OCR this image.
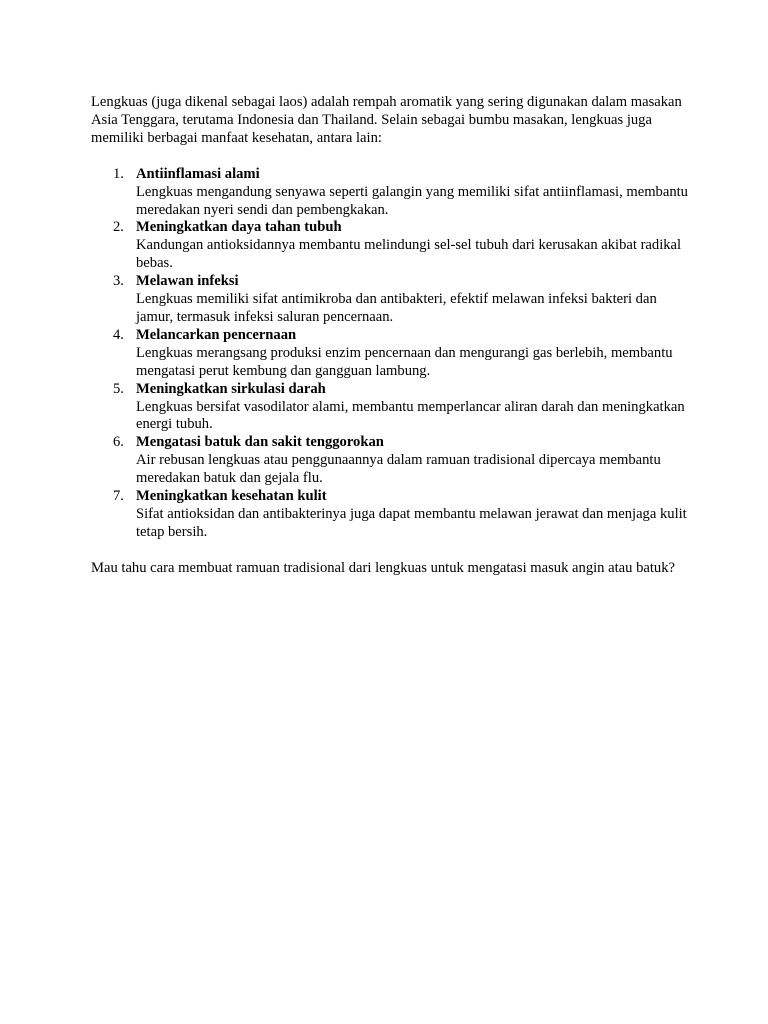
Lengkuas (juga dikenal sebagai laos) adalah rempah aromatik yang sering digunakan dalam masakan Asia Tenggara, terutama Indonesia dan Thailand. Selain sebagai bumbu masakan, lengkuas juga memiliki berbagai manfaat kesehatan, antara lain:

1. Antiinflamasi alami
Lengkuas mengandung senyawa seperti galangin yang memiliki sifat antiinflamasi, membantu meredakan nyeri sendi dan pembengkakan.
2. Meningkatkan daya tahan tubuh
Kandungan antioksidannya membantu melindungi sel-sel tubuh dari kerusakan akibat radikal bebas.
3. Melawan infeksi
Lengkuas memiliki sifat antimikroba dan antibakteri, efektif melawan infeksi bakteri dan jamur, termasuk infeksi saluran pencernaan.
4. Melancarkan pencernaan
Lengkuas merangsang produksi enzim pencernaan dan mengurangi gas berlebih, membantu mengatasi perut kembung dan gangguan lambung.
5. Meningkatkan sirkulasi darah
Lengkuas bersifat vasodilator alami, membantu memperlancar aliran darah dan meningkatkan energi tubuh.
6. Mengatasi batuk dan sakit tenggorokan
Air rebusan lengkuas atau penggunaannya dalam ramuan tradisional dipercaya membantu meredakan batuk dan gejala flu.
7. Meningkatkan kesehatan kulit
Sifat antioksidan dan antibakterinya juga dapat membantu melawan jerawat dan menjaga kulit tetap bersih.

Mau tahu cara membuat ramuan tradisional dari lengkuas untuk mengatasi masuk angin atau batuk?
